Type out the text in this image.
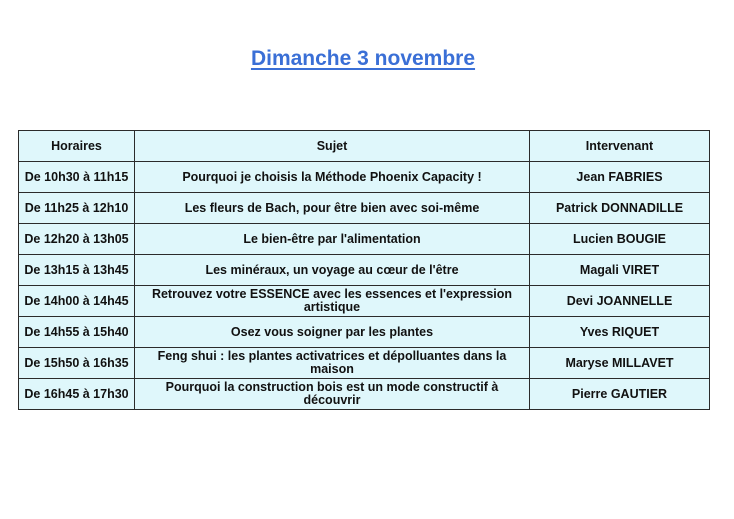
Dimanche 3 novembre
Horaires	Sujet	Intervenant
De 10h30 à 11h15	Pourquoi je choisis la Méthode Phoenix Capacity !	Jean FABRIES
De 11h25 à 12h10	Les fleurs de Bach, pour être bien avec soi-même	Patrick DONNADILLE
De 12h20 à 13h05	Le bien-être par l'alimentation	Lucien BOUGIE
De 13h15 à 13h45	Les minéraux, un voyage au cœur de l'être	Magali VIRET
De 14h00 à 14h45	Retrouvez votre ESSENCE avec les essences et l'expression artistique	Devi JOANNELLE
De 14h55 à 15h40	Osez vous soigner par les plantes	Yves RIQUET
De 15h50 à 16h35	Feng shui : les plantes activatrices et dépolluantes dans la maison	Maryse MILLAVET
De 16h45 à 17h30	Pourquoi la construction bois est un mode constructif à découvrir	Pierre GAUTIER
